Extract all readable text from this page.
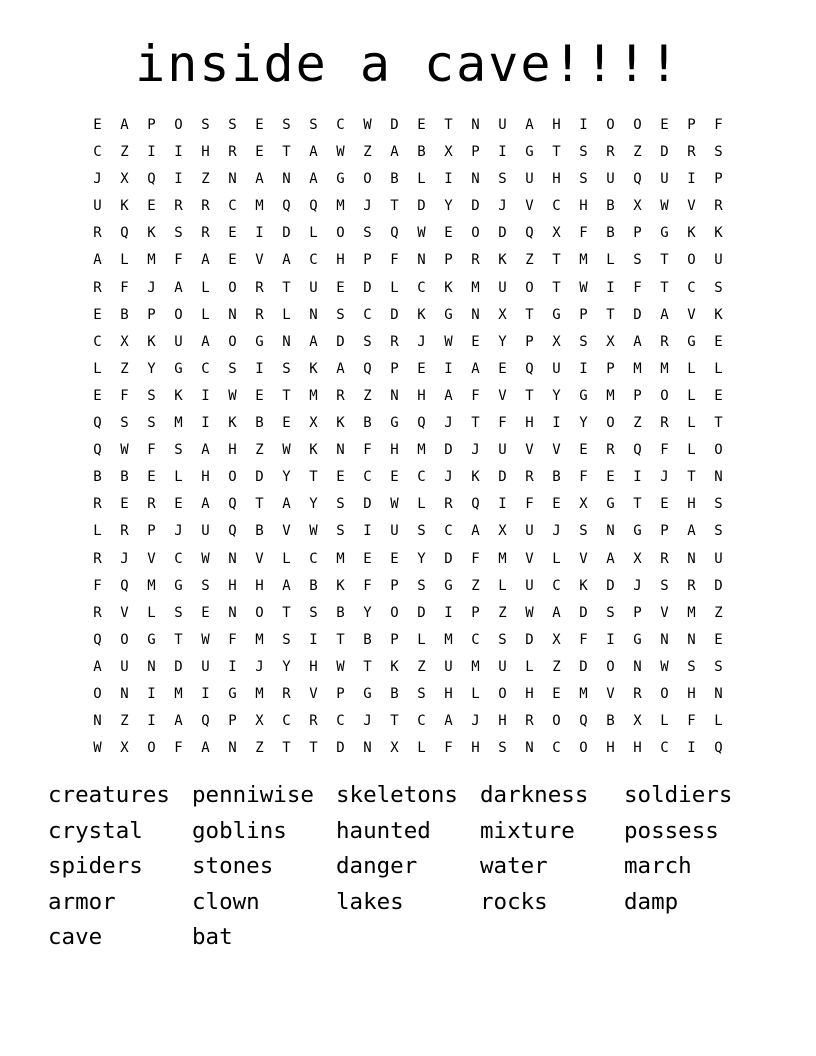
inside a cave!!!!
E	A	P	O	S	S	E	S	S	C	W	D	E	T	N	U	A	H	I	O	O	E	P	F
C	Z	I	I	H	R	E	T	A	W	Z	A	B	X	P	I	G	T	S	R	Z	D	R	S
J	X	Q	I	Z	N	A	N	A	G	O	B	L	I	N	S	U	H	S	U	Q	U	I	P
U	K	E	R	R	C	M	Q	Q	M	J	T	D	Y	D	J	V	C	H	B	X	W	V	R
R	Q	K	S	R	E	I	D	L	O	S	Q	W	E	O	D	Q	X	F	B	P	G	K	K
A	L	M	F	A	E	V	A	C	H	P	F	N	P	R	K	Z	T	M	L	S	T	O	U
R	F	J	A	L	O	R	T	U	E	D	L	C	K	M	U	O	T	W	I	F	T	C	S
E	B	P	O	L	N	R	L	N	S	C	D	K	G	N	X	T	G	P	T	D	A	V	K
C	X	K	U	A	O	G	N	A	D	S	R	J	W	E	Y	P	X	S	X	A	R	G	E
L	Z	Y	G	C	S	I	S	K	A	Q	P	E	I	A	E	Q	U	I	P	M	M	L	L
E	F	S	K	I	W	E	T	M	R	Z	N	H	A	F	V	T	Y	G	M	P	O	L	E
Q	S	S	M	I	K	B	E	X	K	B	G	Q	J	T	F	H	I	Y	O	Z	R	L	T
Q	W	F	S	A	H	Z	W	K	N	F	H	M	D	J	U	V	V	E	R	Q	F	L	O
B	B	E	L	H	O	D	Y	T	E	C	E	C	J	K	D	R	B	F	E	I	J	T	N
R	E	R	E	A	Q	T	A	Y	S	D	W	L	R	Q	I	F	E	X	G	T	E	H	S
L	R	P	J	U	Q	B	V	W	S	I	U	S	C	A	X	U	J	S	N	G	P	A	S
R	J	V	C	W	N	V	L	C	M	E	E	Y	D	F	M	V	L	V	A	X	R	N	U
F	Q	M	G	S	H	H	A	B	K	F	P	S	G	Z	L	U	C	K	D	J	S	R	D
R	V	L	S	E	N	O	T	S	B	Y	O	D	I	P	Z	W	A	D	S	P	V	M	Z
Q	O	G	T	W	F	M	S	I	T	B	P	L	M	C	S	D	X	F	I	G	N	N	E
A	U	N	D	U	I	J	Y	H	W	T	K	Z	U	M	U	L	Z	D	O	N	W	S	S
O	N	I	M	I	G	M	R	V	P	G	B	S	H	L	O	H	E	M	V	R	O	H	N
N	Z	I	A	Q	P	X	C	R	C	J	T	C	A	J	H	R	O	Q	B	X	L	F	L
W	X	O	F	A	N	Z	T	T	D	N	X	L	F	H	S	N	C	O	H	H	C	I	Q
creatures penniwise skeletons darkness	soldiers
crystal	goblins	haunted	mixture	possess
spiders	stones	danger	water	march
armor	clown	lakes	rocks	damp
cave	bat
